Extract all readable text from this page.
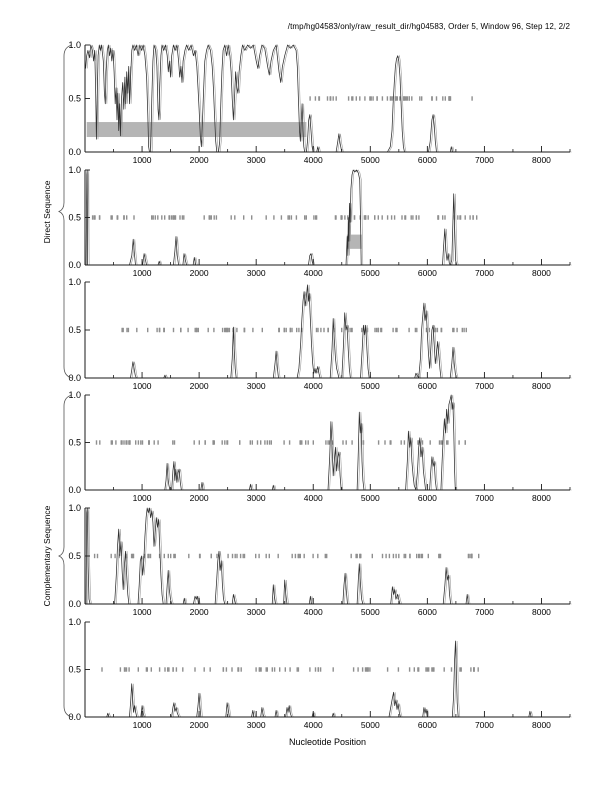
/tmp/hg04583/only/raw_result_dir/hg04583, Order 5, Window 96, Step 12, 2/2
Direct Sequence
Complementary Sequence
1000	2000	3000	4000	5000	6000	7000	8000
0.0
0.5
1.0
1000	2000	3000	4000	5000	6000	7000	8000
0.0
0.5
1.0
1000	2000	3000	4000	5000	6000	7000	8000
0.0
0.5
1.0
1000	2000	3000	4000	5000	6000	7000	8000
0.0
0.5
1.0
1000	2000	3000	4000	5000	6000	7000	8000
0.0
0.5
1.0
1000	2000	3000	4000	5000	6000	7000	8000
0.0
0.5
1.0
Nucleotide Position
